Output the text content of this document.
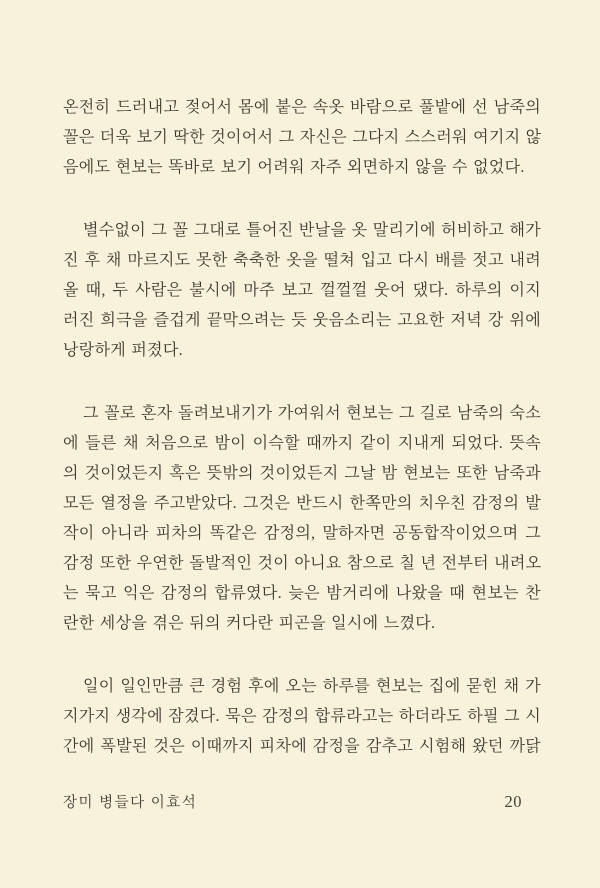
온전히 드러내고 젖어서 몸에 붙은 속옷 바람으로 풀밭에 선 남죽의
꼴은 더욱 보기 딱한 것이어서 그 자신은 그다지 스스러워 여기지 않
음에도 현보는 똑바로 보기 어려워 자주 외면하지 않을 수 없었다.
별수없이 그 꼴 그대로 틀어진 반날을 옷 말리기에 허비하고 해가
진 후 채 마르지도 못한 축축한 옷을 떨쳐 입고 다시 배를 젓고 내려
올 때, 두 사람은 불시에 마주 보고 껄껄껄 웃어 댔다. 하루의 이지
러진 희극을 즐겁게 끝막으려는 듯 웃음소리는 고요한 저녁 강 위에
낭랑하게 퍼졌다.
그 꼴로 혼자 돌려보내기가 가여워서 현보는 그 길로 남죽의 숙소
에 들른 채 처음으로 밤이 이슥할 때까지 같이 지내게 되었다. 뜻속
의 것이었든지 혹은 뜻밖의 것이었든지 그날 밤 현보는 또한 남죽과
모든 열정을 주고받았다. 그것은 반드시 한쪽만의 치우친 감정의 발
작이 아니라 피차의 똑같은 감정의, 말하자면 공동합작이었으며 그
감정 또한 우연한 돌발적인 것이 아니요 참으로 칠 년 전부터 내려오
는 묵고 익은 감정의 합류였다. 늦은 밤거리에 나왔을 때 현보는 찬
란한 세상을 겪은 뒤의 커다란 피곤을 일시에 느꼈다.
일이 일인만큼 큰 경험 후에 오는 하루를 현보는 집에 묻힌 채 가
지가지 생각에 잠겼다. 묵은 감정의 합류라고는 하더라도 하필 그 시
간에 폭발된 것은 이때까지 피차에 감정을 감추고 시험해 왔던 까닭
장미 병들다 이효석	20
